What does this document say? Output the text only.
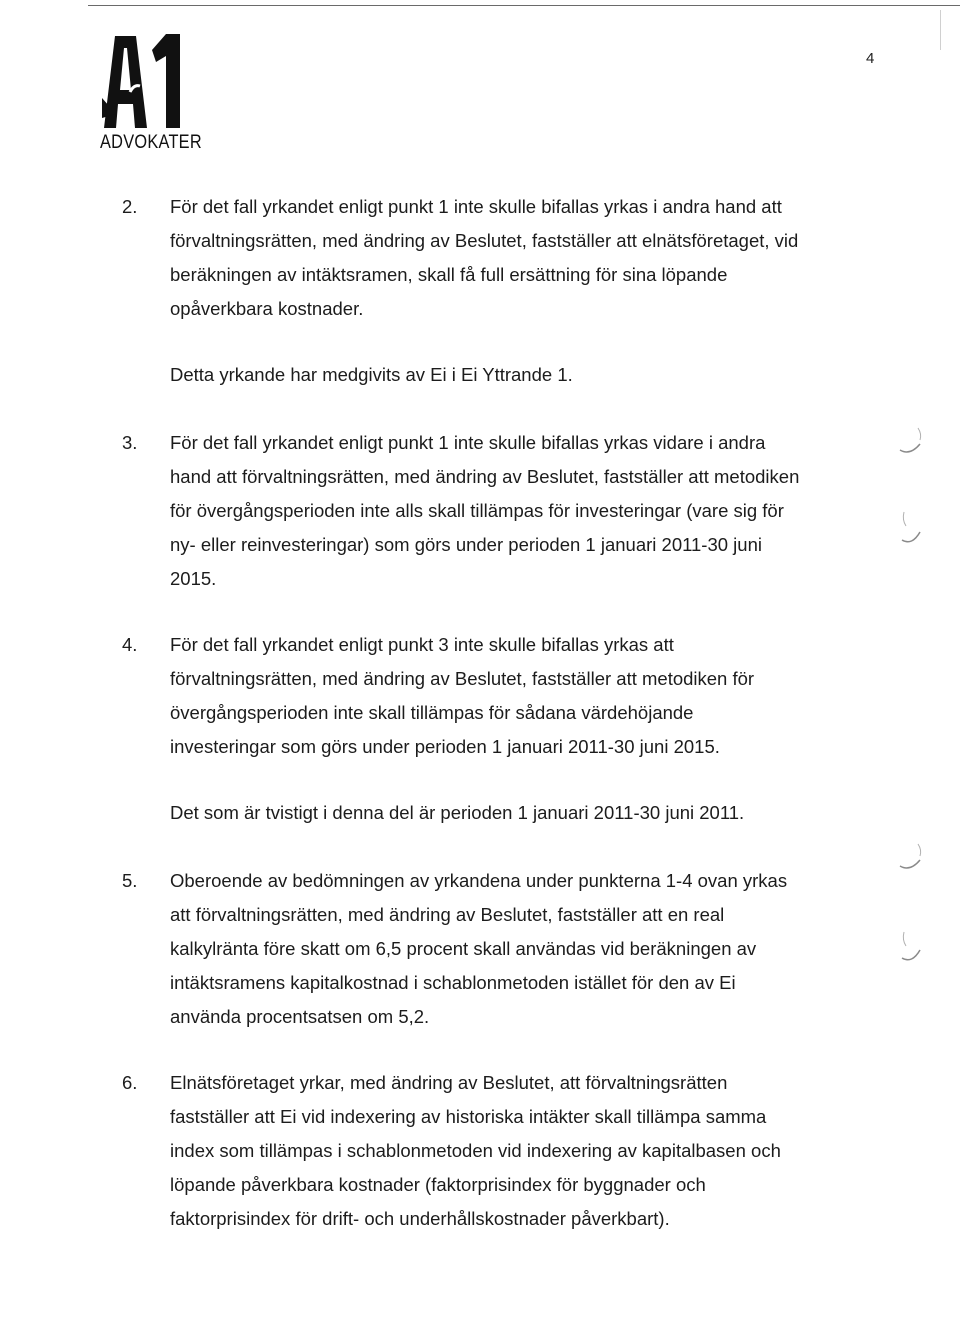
ADVOKATER
4
2. För det fall yrkandet enligt punkt 1 inte skulle bifallas yrkas i andra hand att
förvaltningsrätten, med ändring av Beslutet, fastställer att elnätsföretaget, vid
beräkningen av intäktsramen, skall få full ersättning för sina löpande
opåverkbara kostnader.
Detta yrkande har medgivits av Ei i Ei Yttrande 1.
3. För det fall yrkandet enligt punkt 1 inte skulle bifallas yrkas vidare i andra
hand att förvaltningsrätten, med ändring av Beslutet, fastställer att metodiken
för övergångsperioden inte alls skall tillämpas för investeringar (vare sig för
ny- eller reinvesteringar) som görs under perioden 1 januari 2011-30 juni
2015.
4. För det fall yrkandet enligt punkt 3 inte skulle bifallas yrkas att
förvaltningsrätten, med ändring av Beslutet, fastställer att metodiken för
övergångsperioden inte skall tillämpas för sådana värdehöjande
investeringar som görs under perioden 1 januari 2011-30 juni 2015.
Det som är tvistigt i denna del är perioden 1 januari 2011-30 juni 2011.
5. Oberoende av bedömningen av yrkandena under punkterna 1-4 ovan yrkas
att förvaltningsrätten, med ändring av Beslutet, fastställer att en real
kalkylränta före skatt om 6,5 procent skall användas vid beräkningen av
intäktsramens kapitalkostnad i schablonmetoden istället för den av Ei
använda procentsatsen om 5,2.
6. Elnätsföretaget yrkar, med ändring av Beslutet, att förvaltningsrätten
fastställer att Ei vid indexering av historiska intäkter skall tillämpa samma
index som tillämpas i schablonmetoden vid indexering av kapitalbasen och
löpande påverkbara kostnader (faktorprisindex för byggnader och
faktorprisindex för drift- och underhållskostnader påverkbart).
